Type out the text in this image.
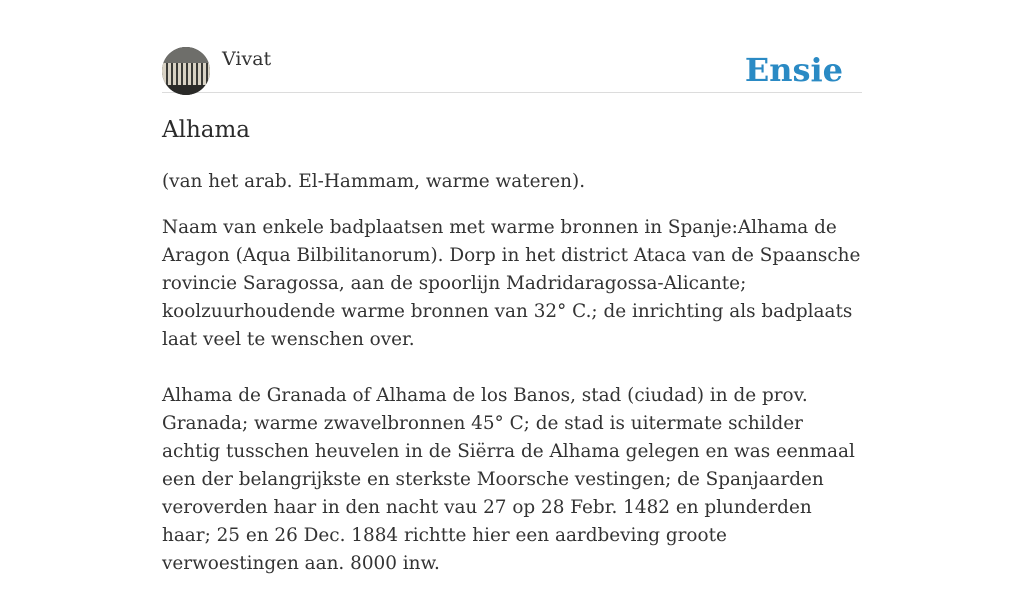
Vivat	Ensie
Alhama

(van het arab. El-Hammam, warme wateren).

Naam van enkele badplaatsen met warme bronnen in Spanje:Alhama de Aragon (Aqua Bilbilitanorum). Dorp in het district Ataca van de Spaansche rovincie Saragossa, aan de spoorlijn Madridaragossa-Alicante; koolzuurhoudende warme bronnen van 32° C.; de inrichting als badplaats laat veel te wenschen over.

Alhama de Granada of Alhama de los Banos, stad (ciudad) in de prov. Granada; warme zwavelbronnen 45° C; de stad is uitermate schilder achtig tusschen heuvelen in de Siërra de Alhama gelegen en was eenmaal een der belangrijkste en sterkste Moorsche vestingen; de Spanjaarden veroverden haar in den nacht vau 27 op 28 Febr. 1482 en plunderden haar; 25 en 26 Dec. 1884 richtte hier een aardbeving groote verwoestingen aan. 8000 inw.
